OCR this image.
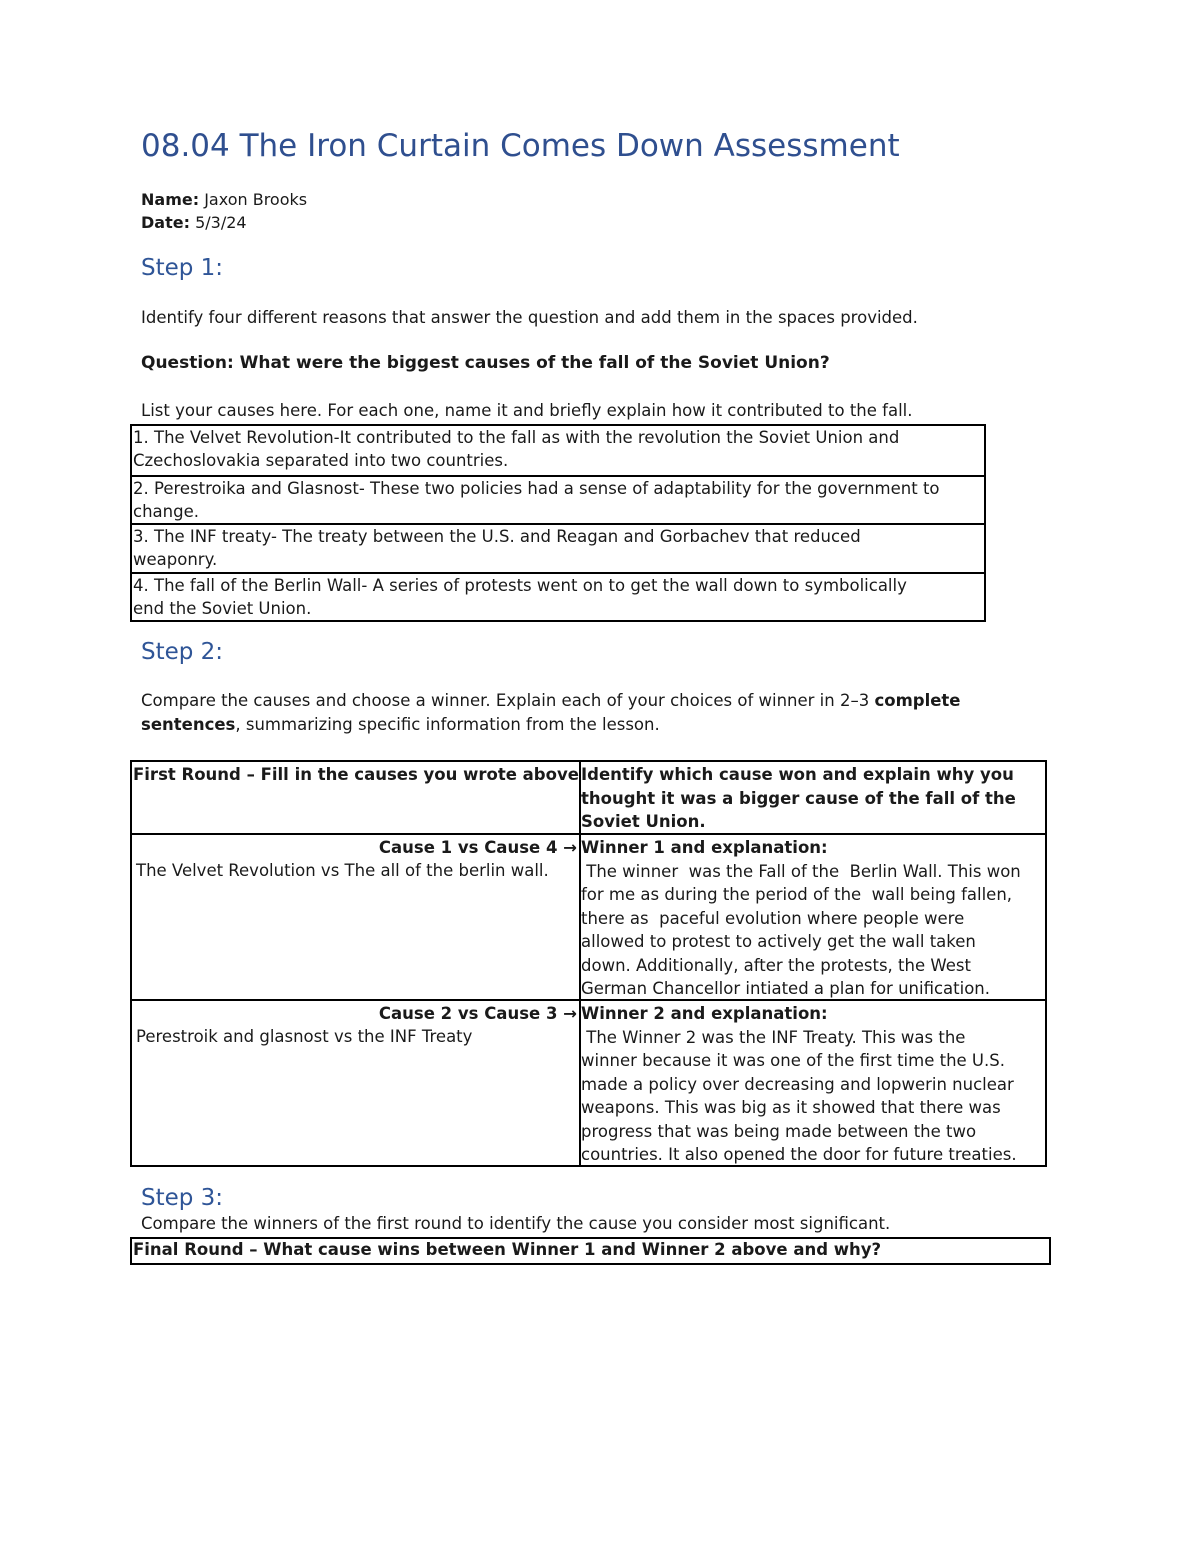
08.04 The Iron Curtain Comes Down Assessment
Name: Jaxon Brooks
Date: 5/3/24
Step 1:
Identify four different reasons that answer the question and add them in the spaces provided.
Question: What were the biggest causes of the fall of the Soviet Union?
List your causes here. For each one, name it and briefly explain how it contributed to the fall.
1. The Velvet Revolution-It contributed to the fall as with the revolution the Soviet Union and
Czechoslovakia separated into two countries.
2. Perestroika and Glasnost- These two policies had a sense of adaptability for the government to
change.
3. The INF treaty- The treaty between the U.S. and Reagan and Gorbachev that reduced
weaponry.
4. The fall of the Berlin Wall- A series of protests went on to get the wall down to symbolically
end the Soviet Union.
Step 2:
Compare the causes and choose a winner. Explain each of your choices of winner in 2–3 complete
sentences, summarizing specific information from the lesson.
First Round – Fill in the causes you wrote above Identify which cause won and explain why you
thought it was a bigger cause of the fall of the
Soviet Union.
Cause 1 vs Cause 4 →
The Velvet Revolution vs The all of the berlin wall.
Winner 1 and explanation:
The winner  was the Fall of the  Berlin Wall. This won
for me as during the period of the  wall being fallen,
there as  paceful evolution where people were
allowed to protest to actively get the wall taken
down. Additionally, after the protests, the West
German Chancellor intiated a plan for unification.
Cause 2 vs Cause 3 →
Perestroik and glasnost vs the INF Treaty
Winner 2 and explanation:
The Winner 2 was the INF Treaty. This was the
winner because it was one of the first time the U.S.
made a policy over decreasing and lopwerin nuclear
weapons. This was big as it showed that there was
progress that was being made between the two
countries. It also opened the door for future treaties.
Step 3:
Compare the winners of the first round to identify the cause you consider most significant.
Final Round – What cause wins between Winner 1 and Winner 2 above and why?
